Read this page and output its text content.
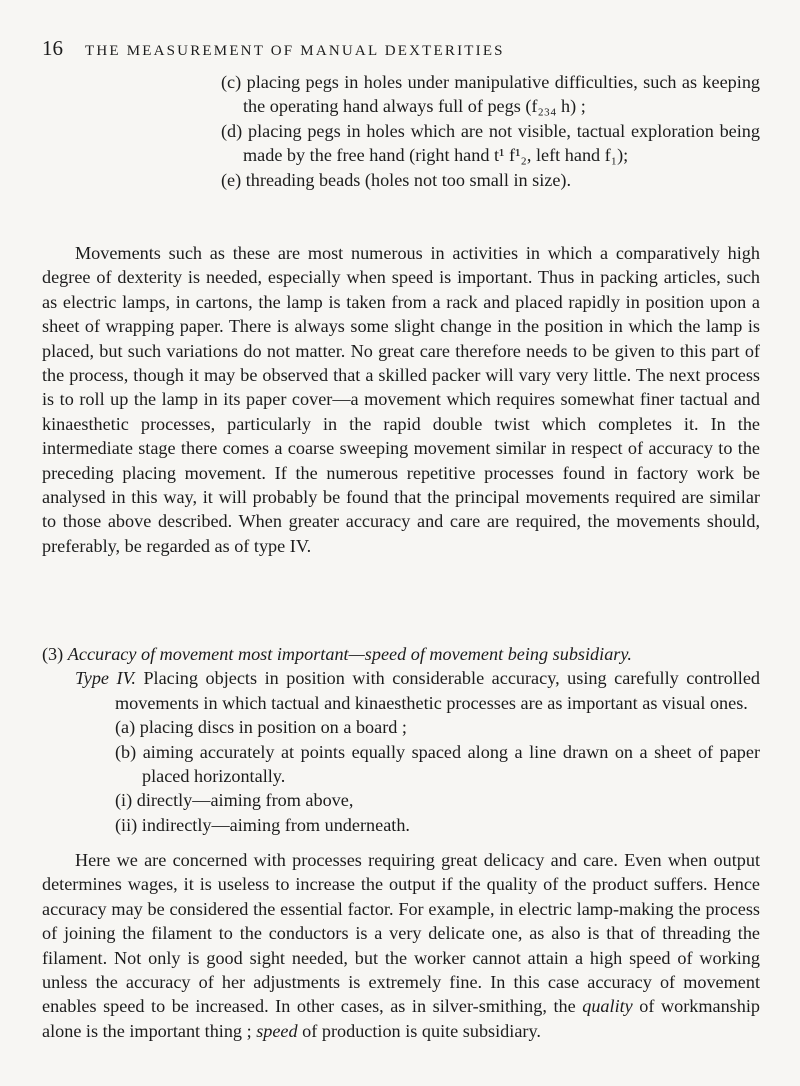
16 THE MEASUREMENT OF MANUAL DEXTERITIES

(c) placing pegs in holes under manipulative difficulties, such as keeping the operating hand always full of pegs (f₂₃₄ h) ;

(d) placing pegs in holes which are not visible, tactual exploration being made by the free hand (right hand t¹ f¹₂, left hand f₁);

(e) threading beads (holes not too small in size).

Movements such as these are most numerous in activities in which a comparatively high degree of dexterity is needed, especially when speed is important. Thus in packing articles, such as electric lamps, in cartons, the lamp is taken from a rack and placed rapidly in position upon a sheet of wrapping paper. There is always some slight change in the position in which the lamp is placed, but such variations do not matter. No great care therefore needs to be given to this part of the process, though it may be observed that a skilled packer will vary very little. The next process is to roll up the lamp in its paper cover—a movement which requires somewhat finer tactual and kinaesthetic processes, particularly in the rapid double twist which completes it. In the intermediate stage there comes a coarse sweeping movement similar in respect of accuracy to the preceding placing movement. If the numerous repetitive processes found in factory work be analysed in this way, it will probably be found that the principal movements required are similar to those above described. When greater accuracy and care are required, the movements should, preferably, be regarded as of type IV.

(3) Accuracy of movement most important—speed of movement being subsidiary.

Type IV. Placing objects in position with considerable accuracy, using carefully controlled movements in which tactual and kinaesthetic processes are as important as visual ones.

(a) placing discs in position on a board ;

(b) aiming accurately at points equally spaced along a line drawn on a sheet of paper placed horizontally.

(i) directly—aiming from above,

(ii) indirectly—aiming from underneath.

Here we are concerned with processes requiring great delicacy and care. Even when output determines wages, it is useless to increase the output if the quality of the product suffers. Hence accuracy may be considered the essential factor. For example, in electric lamp-making the process of joining the filament to the conductors is a very delicate one, as also is that of threading the filament. Not only is good sight needed, but the worker cannot attain a high speed of working unless the accuracy of her adjustments is extremely fine. In this case accuracy of movement enables speed to be increased. In other cases, as in silver-smithing, the quality of workmanship alone is the important thing ; speed of production is quite subsidiary.
